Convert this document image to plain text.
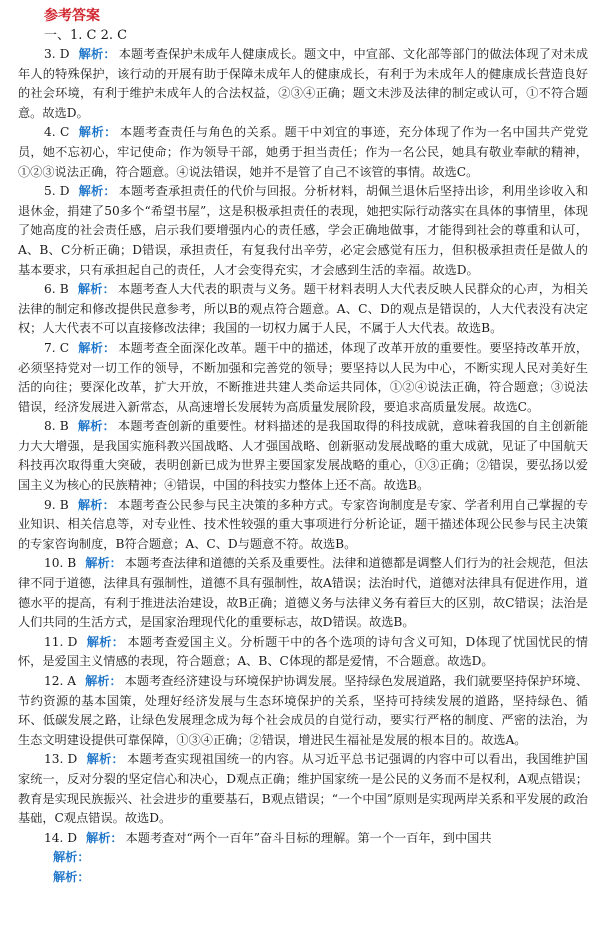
参考答案
一、1. C 2. C

3. D 解析： 本题考查保护未成年人健康成长。题文中，中宣部、文化部等部门的做法体现了对未成年人的特殊保护，该行动的开展有助于保障未成年人的健康成长，有利于为未成年人的健康成长营造良好的社会环境，有利于维护未成年人的合法权益，②③④正确；题文未涉及法律的制定或认可，①不符合题意。故选D。

4. C 解析： 本题考查责任与角色的关系。题干中刘宜的事迹，充分体现了作为一名中国共产党党员，她不忘初心，牢记使命；作为领导干部，她勇于担当责任；作为一名公民，她具有敬业奉献的精神，①②③说法正确，符合题意。④说法错误，她并不是管了自己不该管的事情。故选C。

5. D 解析： 本题考查承担责任的代价与回报。分析材料，胡佩兰退休后坚持出诊，利用坐诊收入和退休金，捐建了50多个“希望书屋”，这是积极承担责任的表现，她把实际行动落实在具体的事情里，体现了她高度的社会责任感，启示我们要增强内心的责任感，学会正确地做事，才能得到社会的尊重和认可，A、B、C分析正确；D错误，承担责任，有复我付出辛劳，必定会感觉有压力，但积极承担责任是做人的基本要求，只有承担起自己的责任，人才会变得充实，才会感到生活的幸福。故选D。

6. B 解析： 本题考查人大代表的职责与义务。题干材料表明人大代表反映人民群众的心声，为相关法律的制定和修改提供民意参考，所以B的观点符合题意。A、C、D的观点是错误的，人大代表没有决定权；人大代表不可以直接修改法律；我国的一切权力属于人民，不属于人大代表。故选B。

7. C 解析： 本题考查全面深化改革。题干中的描述，体现了改革开放的重要性。要坚持改革开放，必须坚持党对一切工作的领导，不断加强和完善党的领导；要坚持以人民为中心，不断实现人民对美好生活的向往；要深化改革，扩大开放，不断推进共建人类命运共同体，①②④说法正确，符合题意；③说法错误，经济发展进入新常态，从高速增长发展转为高质量发展阶段，要追求高质量发展。故选C。

8. B 解析： 本题考查创新的重要性。材料描述的是我国取得的科技成就，意味着我国的自主创新能力大大增强，是我国实施科教兴国战略、人才强国战略、创新驱动发展战略的重大成就，见证了中国航天科技再次取得重大突破，表明创新已成为世界主要国家发展战略的重心，①③正确；②错误，要弘扬以爱国主义为核心的民族精神；④错误，中国的科技实力整体上还不高。故选B。

9. B 解析： 本题考查公民参与民主决策的多种方式。专家咨询制度是专家、学者利用自己掌握的专业知识、相关信息等，对专业性、技术性较强的重大事项进行分析论证，题干描述体现公民参与民主决策的专家咨询制度，B符合题意；A、C、D与题意不符。故选B。

10. B 解析： 本题考查法律和道德的关系及重要性。法律和道德都是调整人们行为的社会规范，但法律不同于道德，法律具有强制性，道德不具有强制性，故A错误；法治时代，道德对法律具有促进作用，道德水平的提高，有利于推进法治建设，故B正确；道德义务与法律义务有着巨大的区别，故C错误；法治是人们共同的生活方式，是国家治理现代化的重要标志，故D错误。故选B。

11. D 解析： 本题考查爱国主义。分析题干中的各个选项的诗句含义可知，D体现了忧国忧民的情怀，是爱国主义情感的表现，符合题意；A、B、C体现的都是爱情，不合题意。故选D。

12. A 解析： 本题考查经济建设与环境保护协调发展。坚持绿色发展道路，我们就要坚持保护环境、节约资源的基本国策，处理好经济发展与生态环境保护的关系，坚持可持续发展的道路，坚持绿色、循环、低碳发展之路，让绿色发展理念成为每个社会成员的自觉行动，要实行严格的制度、严密的法治，为生态文明建设提供可靠保障，①③④正确；②错误，增进民生福祉是发展的根本目的。故选A。

13. D 解析： 本题考查实现祖国统一的内容。从习近平总书记强调的内容中可以看出，我国维护国家统一，反对分裂的坚定信心和决心，D观点正确；维护国家统一是公民的义务而不是权利，A观点错误；教育是实现民族振兴、社会进步的重要基石，B观点错误；“一个中国”原则是实现两岸关系和平发展的政治基础，C观点错误。故选D。

14. D 解析： 本题考查对“两个一百年”奋斗目标的理解。第一个一百年，到中国共

解析：

解析：
